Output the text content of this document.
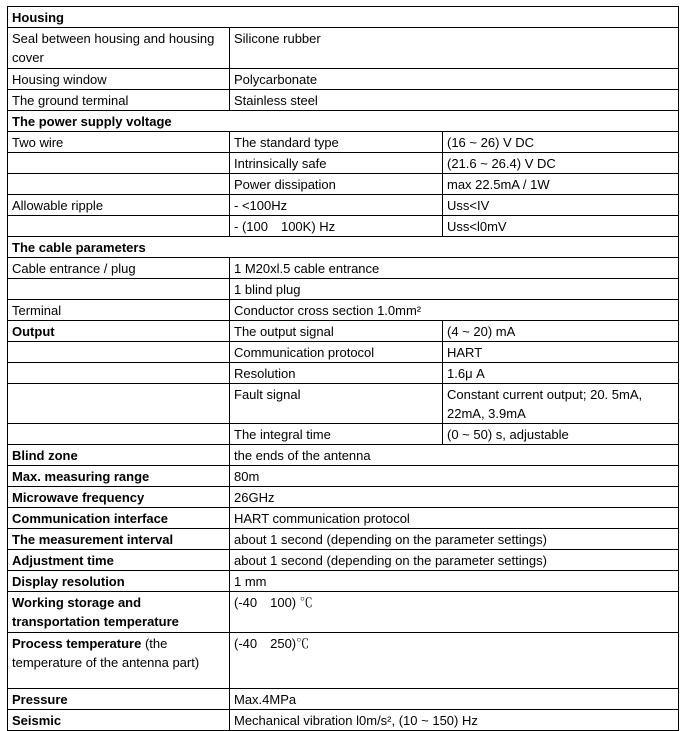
Housing		
Seal between housing and housing cover	Silicone rubber	
Housing window	Polycarbonate	
The ground terminal	Stainless steel	
The power supply voltage		
Two wire	The standard type	(16 ~ 26) V DC
	Intrinsically safe	(21.6 ~ 26.4) V DC
	Power dissipation	max 22.5mA / 1W
Allowable ripple	- <100Hz	Uss<IV
	- (100　100K) Hz	Uss<l0mV
The cable parameters		
Cable entrance / plug	1 M20xl.5 cable entrance	
	1 blind plug	
Terminal	Conductor cross section 1.0mm²	
Output	The output signal	(4 ~ 20) mA
	Communication protocol	HART
	Resolution	1.6μ A
	Fault signal	Constant current output; 20. 5mA, 22mA, 3.9mA
	The integral time	(0 ~ 50) s, adjustable
Blind zone	the ends of the antenna	
Max. measuring range	80m	
Microwave frequency	26GHz	
Communication interface	HART communication protocol	
The measurement interval	about 1 second (depending on the parameter settings)	
Adjustment time	about 1 second (depending on the parameter settings)	
Display resolution	1 mm	
Working storage and transportation temperature	(-40　100) ℃	
Process temperature (the temperature of the antenna part)	(-40　250)℃	
Pressure	Max.4MPa	
Seismic	Mechanical vibration l0m/s², (10 ~ 150) Hz	
